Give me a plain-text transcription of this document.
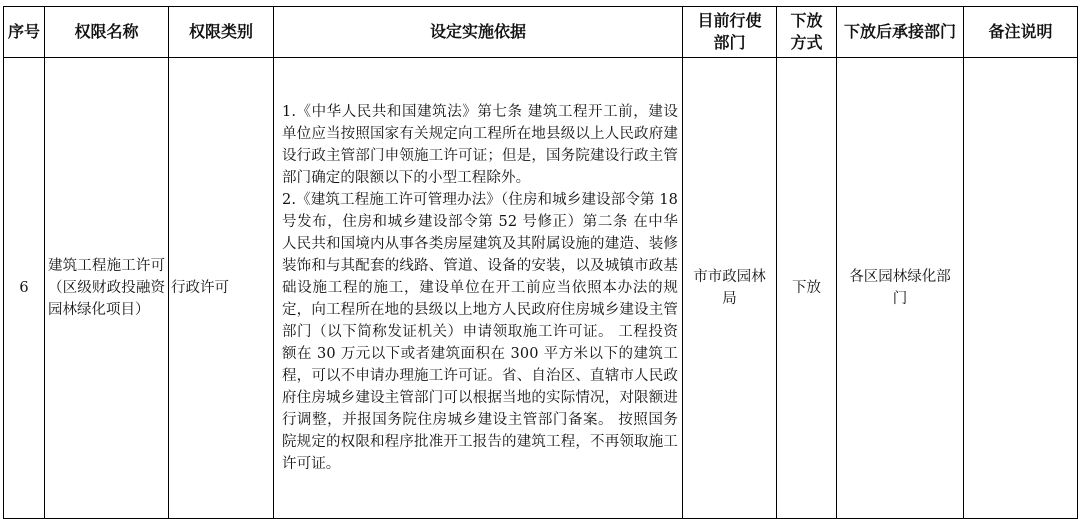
序号	权限名称	权限类别	设定实施依据	目前行使部门	下放方式	下放后承接部门	备注说明
6	建筑工程施工许可（区级财政投融资园林绿化项目）	行政许可	1.《中华人民共和国建筑法》第七条 建筑工程开工前，建设单位应当按照国家有关规定向工程所在地县级以上人民政府建设行政主管部门申领施工许可证；但是，国务院建设行政主管部门确定的限额以下的小型工程除外。
2.《建筑工程施工许可管理办法》（住房和城乡建设部令第 18 号发布，住房和城乡建设部令第 52 号修正）第二条 在中华人民共和国境内从事各类房屋建筑及其附属设施的建造、装修装饰和与其配套的线路、管道、设备的安装，以及城镇市政基础设施工程的施工，建设单位在开工前应当依照本办法的规定，向工程所在地的县级以上地方人民政府住房城乡建设主管部门（以下简称发证机关）申请领取施工许可证。 工程投资额在 30 万元以下或者建筑面积在 300 平方米以下的建筑工程，可以不申请办理施工许可证。省、自治区、直辖市人民政府住房城乡建设主管部门可以根据当地的实际情况，对限额进行调整，并报国务院住房城乡建设主管部门备案。 按照国务院规定的权限和程序批准开工报告的建筑工程，不再领取施工许可证。	市市政园林局	下放	各区园林绿化部门	
